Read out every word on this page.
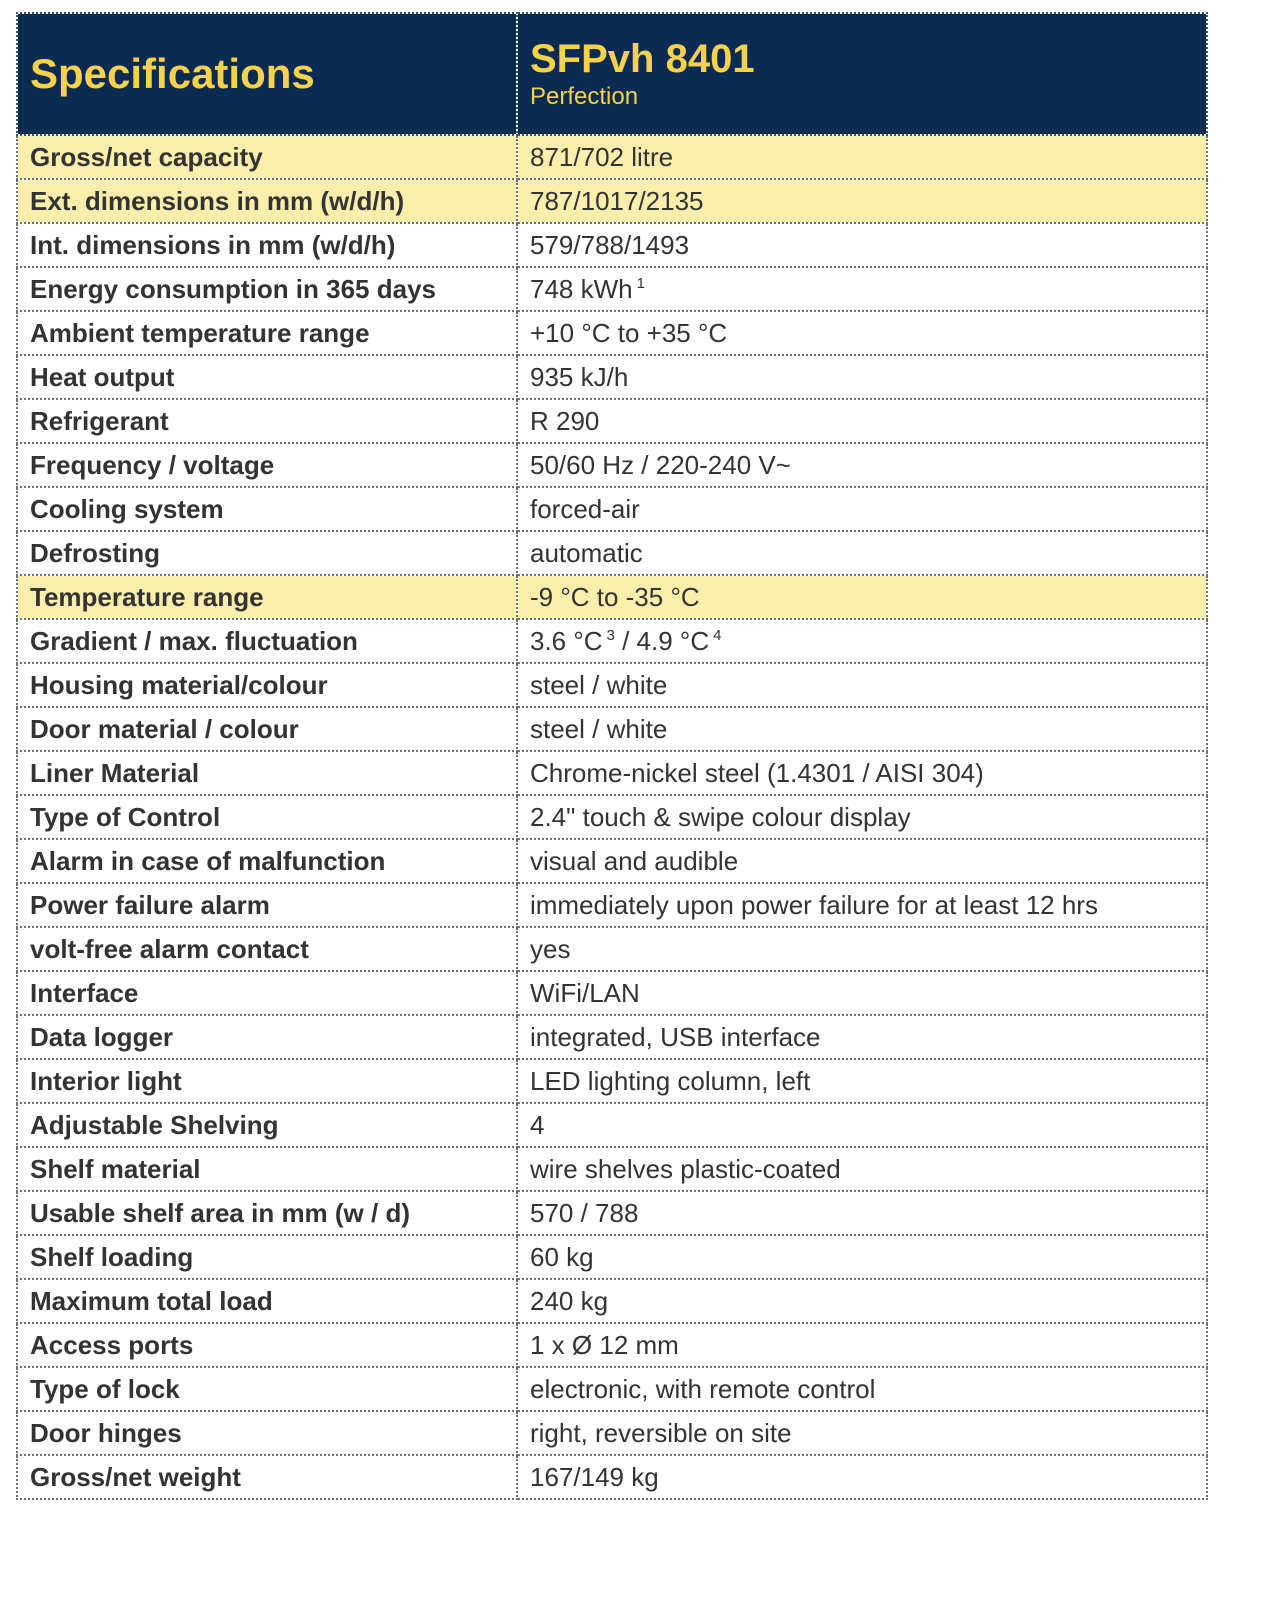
Specifications	SFPvh 8401
Perfection

Gross/net capacity	871/702 litre
Ext. dimensions in mm (w/d/h)	787/1017/2135
Int. dimensions in mm (w/d/h)	579/788/1493
Energy consumption in 365 days	748 kWh $^1$
Ambient temperature range	+10 °C to +35 °C
Heat output	935 kJ/h
Refrigerant	R 290
Frequency / voltage	50/60 Hz / 220-240 V~
Cooling system	forced-air
Defrosting	automatic
Temperature range	-9 °C to -35 °C
Gradient / max. fluctuation	3.6 °C $^3$ / 4.9 °C $^4$
Housing material/colour	steel / white
Door material / colour	steel / white
Liner Material	Chrome-nickel steel (1.4301 / AISI 304)
Type of Control	2.4" touch & swipe colour display
Alarm in case of malfunction	visual and audible
Power failure alarm	immediately upon power failure for at least 12 hrs
volt-free alarm contact	yes
Interface	WiFi/LAN
Data logger	integrated, USB interface
Interior light	LED lighting column, left
Adjustable Shelving	4
Shelf material	wire shelves plastic-coated
Usable shelf area in mm (w / d)	570 / 788
Shelf loading	60 kg
Maximum total load	240 kg
Access ports	1 x Ø 12 mm
Type of lock	electronic, with remote control
Door hinges	right, reversible on site
Gross/net weight	167/149 kg
